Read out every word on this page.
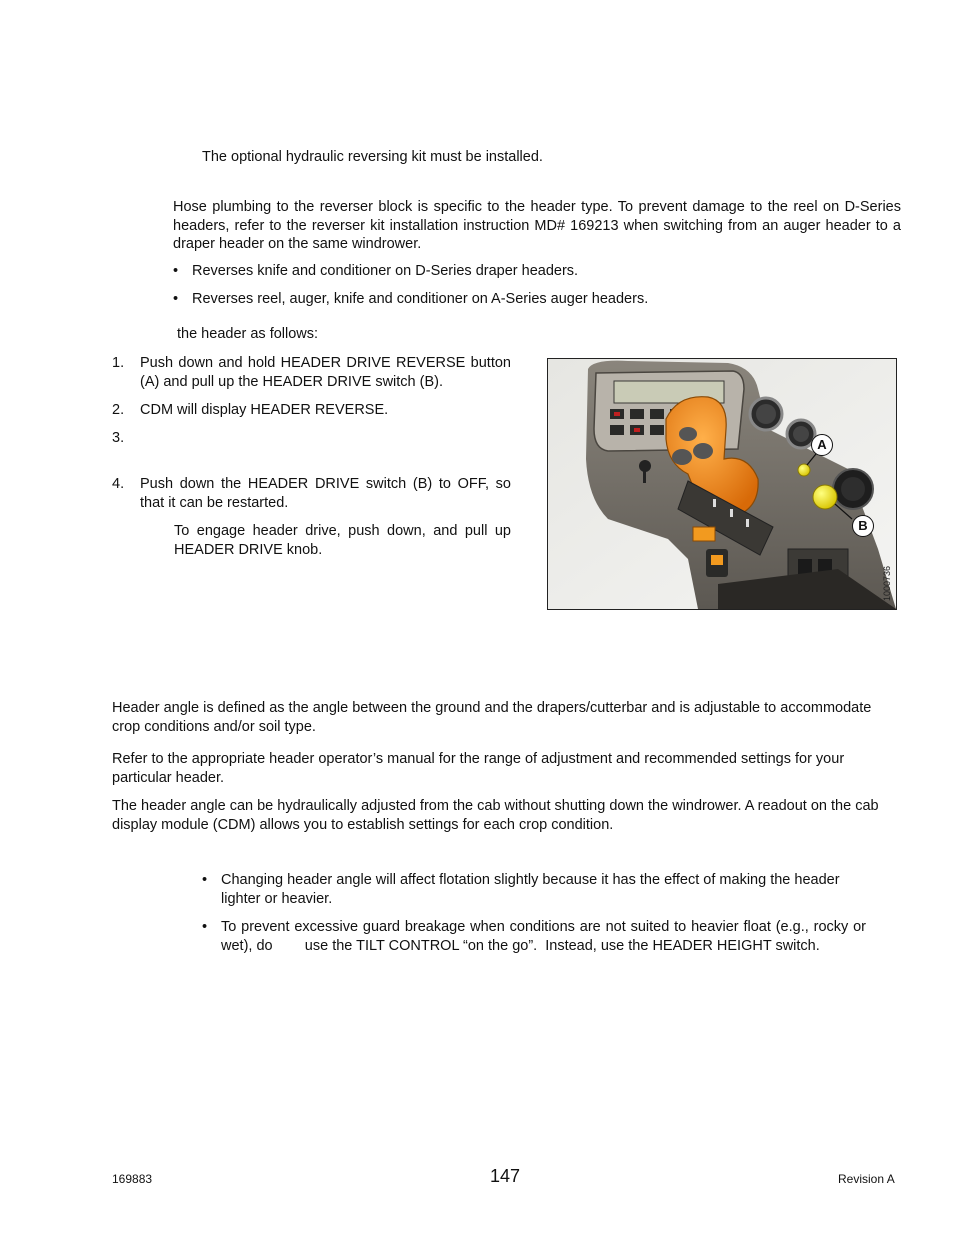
The optional hydraulic reversing kit must be installed.
Hose plumbing to the reverser block is specific to the header type. To prevent damage to the reel on D-Series headers, refer to the reverser kit installation instruction MD# 169213 when switching from an auger header to a draper header on the same windrower.
• Reverses knife and conditioner on D-Series draper headers.
• Reverses reel, auger, knife and conditioner on A-Series auger headers.
the header as follows:
1. Push down and hold HEADER DRIVE REVERSE button (A) and pull up the HEADER DRIVE switch (B).
2. CDM will display HEADER REVERSE.
3.
4. Push down the HEADER DRIVE switch (B) to OFF, so that it can be restarted.
To engage header drive, push down, and pull up HEADER DRIVE knob.
A
B
1000736
Header angle is defined as the angle between the ground and the drapers/cutterbar and is adjustable to accommodate crop conditions and/or soil type.
Refer to the appropriate header operator’s manual for the range of adjustment and recommended settings for your particular header.
The header angle can be hydraulically adjusted from the cab without shutting down the windrower. A readout on the cab display module (CDM) allows you to establish settings for each crop condition.
• Changing header angle will affect flotation slightly because it has the effect of making the header lighter or heavier.
• To prevent excessive guard breakage when conditions are not suited to heavier float (e.g., rocky or wet), do        use the TILT CONTROL “on the go”.  Instead, use the HEADER HEIGHT switch.
169883	147	Revision A
